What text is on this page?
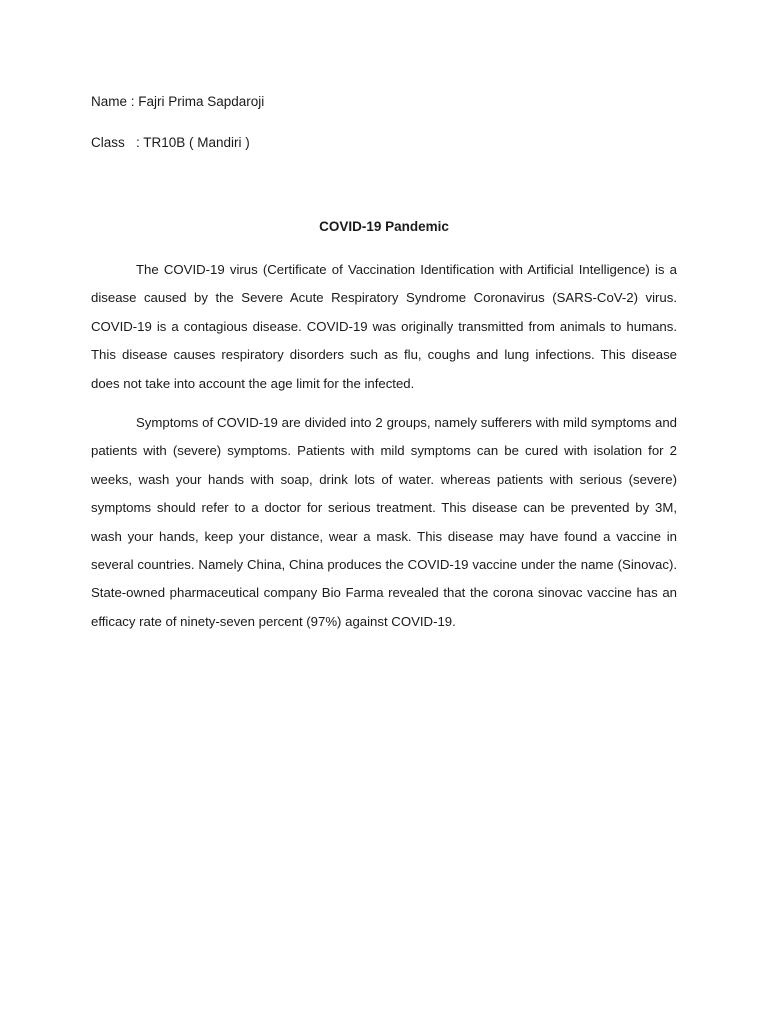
Name : Fajri Prima Sapdaroji
Class   : TR10B ( Mandiri )
COVID-19 Pandemic

The COVID-19 virus (Certificate of Vaccination Identification with Artificial Intelligence) is a disease caused by the Severe Acute Respiratory Syndrome Coronavirus (SARS-CoV-2) virus. COVID-19 is a contagious disease. COVID-19 was originally transmitted from animals to humans. This disease causes respiratory disorders such as flu, coughs and lung infections. This disease does not take into account the age limit for the infected.

Symptoms of COVID-19 are divided into 2 groups, namely sufferers with mild symptoms and patients with (severe) symptoms. Patients with mild symptoms can be cured with isolation for 2 weeks, wash your hands with soap, drink lots of water. whereas patients with serious (severe) symptoms should refer to a doctor for serious treatment. This disease can be prevented by 3M, wash your hands, keep your distance, wear a mask. This disease may have found a vaccine in several countries. Namely China, China produces the COVID-19 vaccine under the name (Sinovac). State-owned pharmaceutical company Bio Farma revealed that the corona sinovac vaccine has an efficacy rate of ninety-seven percent (97%) against COVID-19.
